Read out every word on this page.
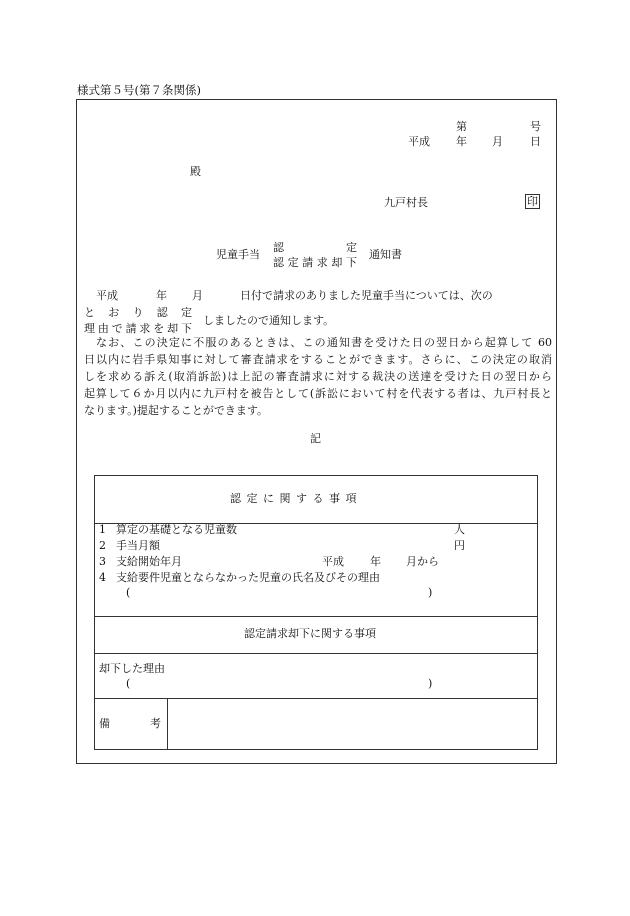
様式第５号(第７条関係)
第	号
平成 年 月 日
殿
九戸村長	印
児童手当
認	定
認定請求却下
通知書
平成	年 月	日付で請求のありました児童手当については、次の
とおり認定
理由で請求を却下
しましたので通知します。
なお、この決定に不服のあるときは、この通知書を受けた日の翌日から起算して 60
日以内に岩手県知事に対して審査請求をすることができます。さらに、この決定の取消
しを求める訴え(取消訴訟)は上記の審査請求に対する裁決の送達を受けた日の翌日から
起算して６か月以内に九戸村を被告として(訴訟において村を代表する者は、九戸村長と
なります。)提起することができます。
記
認 定 に 関 す る 事 項
1 算定の基礎となる児童数	人
2 手当月額	円
3 支給開始年月	平成 年 月から
4 支給要件児童とならなかった児童の氏名及びその理由
(	)
認定請求却下に関する事項
却下した理由
(	)
備　考
